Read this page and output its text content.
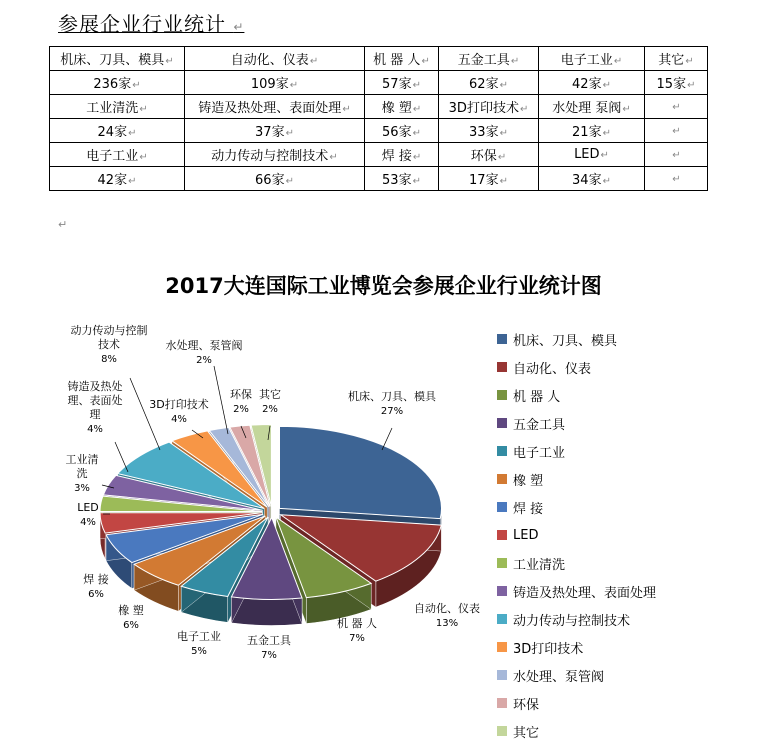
参展企业行业统计 ↵
机床、刀具、模具↵	自动化、仪表↵	机 器 人↵	五金工具↵	电子工业↵	其它↵
236家↵	109家↵	57家↵	62家↵	42家↵	15家↵
工业清洗↵	铸造及热处理、表面处理↵	橡 塑↵	3D打印技术↵	水处理 泵阀↵	↵
24家↵	37家↵	56家↵	33家↵	21家↵	↵
电子工业↵	动力传动与控制技术↵	焊 接↵	环保↵	LED↵	↵
42家↵	66家↵	53家↵	17家↵	34家↵	↵
↵
2017大连国际工业博览会参展企业行业统计图
机床、刀具、模具 27%
自动化、仪表 13%
机 器 人 7%
五金工具 7%
电子工业 5%
橡 塑 6%
焊 接 6%
LED 4%
工业清洗 3%
铸造及热处理、表面处理 4%
动力传动与控制技术 8%
3D打印技术 4%
水处理、泵管阀 2%
环保 2%
其它 2%
机床、刀具、模具
自动化、仪表
机 器 人
五金工具
电子工业
橡 塑
焊 接
LED
工业清洗
铸造及热处理、表面处理
动力传动与控制技术
3D打印技术
水处理、泵管阀
环保
其它
